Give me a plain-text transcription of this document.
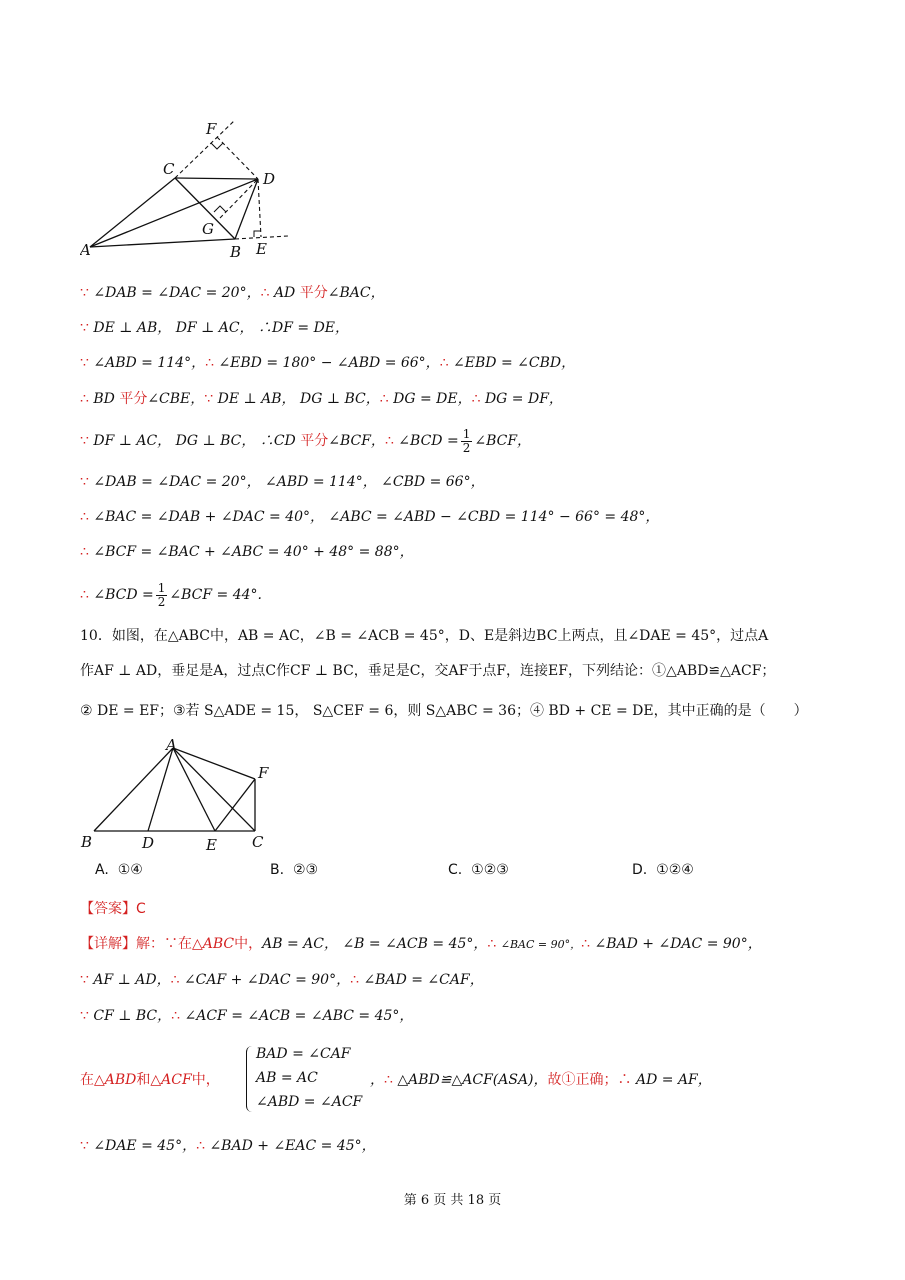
F
C
D
G
A	B E
∵ ∠DAB = ∠DAC = 20°，∴ AD 平分∠BAC，
∵ DE ⊥ AB， DF ⊥ AC， ∴DF = DE，
∵ ∠ABD = 114°，∴ ∠EBD = 180° − ∠ABD = 66°，∴ ∠EBD = ∠CBD，
∴ BD 平分∠CBE，∵ DE ⊥ AB， DG ⊥ BC，∴ DG = DE，∴ DG = DF，
∵ DF ⊥ AC， DG ⊥ BC， ∴CD 平分∠BCF，∴ ∠BCD = $\frac{1}{2}$ ∠BCF，
∵ ∠DAB = ∠DAC = 20°， ∠ABD = 114°， ∠CBD = 66°，
∴ ∠BAC = ∠DAB + ∠DAC = 40°， ∠ABC = ∠ABD − ∠CBD = 114° − 66° = 48°，
∴ ∠BCF = ∠BAC + ∠ABC = 40° + 48° = 88°，
∴ ∠BCD = $\frac{1}{2}$ ∠BCF = 44°.
10．如图，在△ABC中，AB = AC，∠B = ∠ACB = 45°，D、E是斜边BC上两点，且∠DAE = 45°，过点A
作AF ⊥ AD，垂足是A，过点C作CF ⊥ BC，垂足是C，交AF于点F，连接EF，下列结论：①△ABD≌△ACF；
② DE = EF；③若 S△ADE = 15， S△CEF = 6，则 S△ABC = 36；④ BD + CE = DE，其中正确的是（　　）
A
F
B	D	E C
A. ①④	B. ②③	C. ①②③	D. ①②④
【答案】C
【详解】解：∵在△ABC中，AB = AC， ∠B = ∠ACB = 45°，∴ ∠BAC = 90°，∴ ∠BAD + ∠DAC = 90°，
∵ AF ⊥ AD，∴ ∠CAF + ∠DAC = 90°，∴ ∠BAD = ∠CAF，
∵ CF ⊥ BC，∴ ∠ACF = ∠ACB = ∠ABC = 45°，
在△ABD和△ACF中，
BAD = ∠CAF
AB = AC
∠ABD = ∠ACF
，∴ △ABD≌△ACF(ASA)，故①正确；∴ AD = AF，
∵ ∠DAE = 45°，∴ ∠BAD + ∠EAC = 45°，
第 6 页 共 18 页
